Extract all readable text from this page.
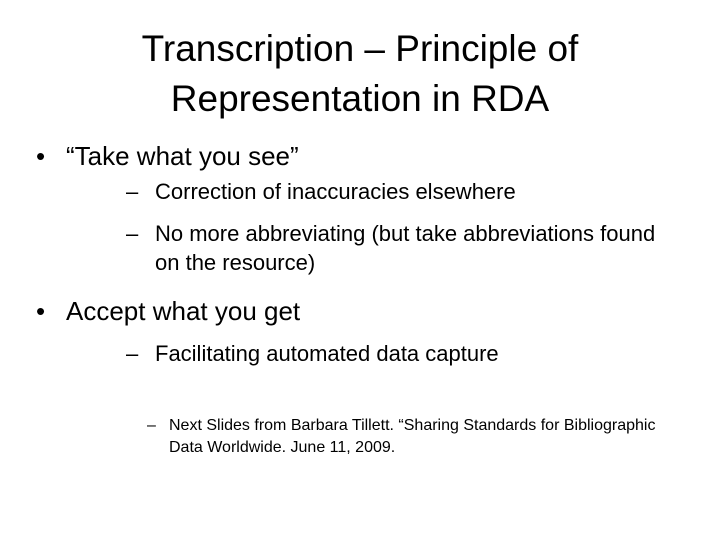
Transcription – Principle of
Representation in RDA
• “Take what you see”
– Correction of inaccuracies elsewhere
– No more abbreviating (but take abbreviations found on the resource)
• Accept what you get
– Facilitating automated data capture
– Next Slides from Barbara Tillett. “Sharing Standards for Bibliographic Data Worldwide. June 11, 2009.
